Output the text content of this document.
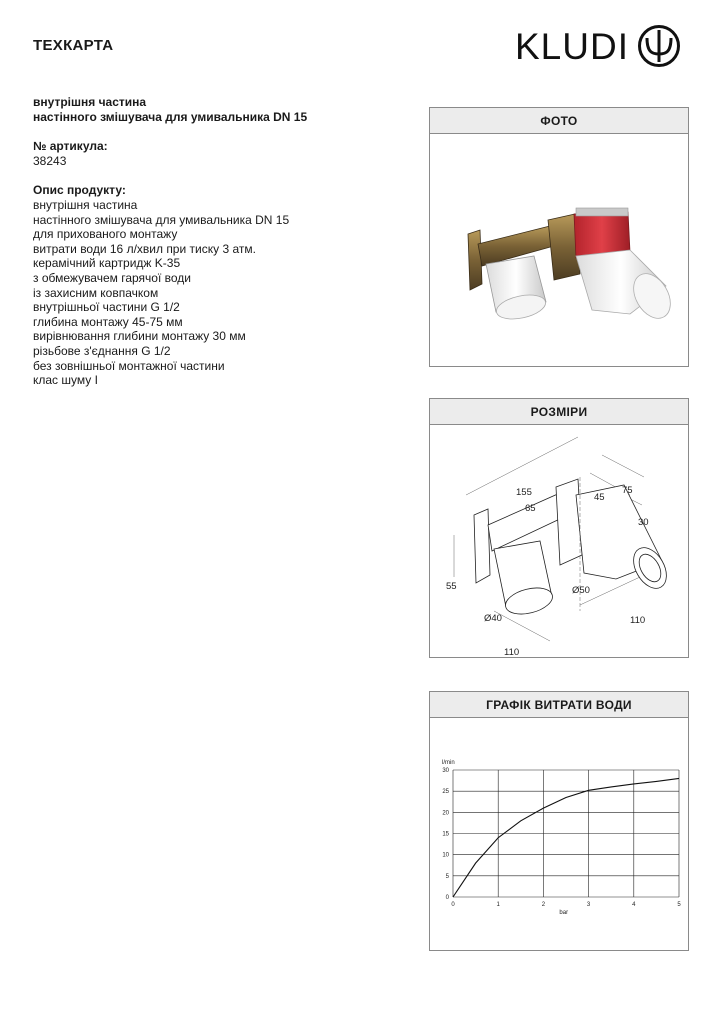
ТЕХКАРТА	KLUDI
внутрішня частина
настінного змішувача для умивальника DN 15
№ артикула:
38243
Опис продукту:
внутрішня частина
настінного змішувача для умивальника DN 15
для прихованого монтажу
витрати води 16 л/хвил при тиску 3 атм.
керамічний картридж K-35
з обмежувачем гарячої води
із захисним ковпачком
внутрішньої частини G 1/2
глибина монтажу 45-75 мм
вирівнювання глибини монтажу 30 мм
різьбове з'єднання G 1/2
без зовнішньої монтажної частини
клас шуму I
ФОТО
РОЗМІРИ
155
65
45
75
30
55	Ø50
Ø40
110
110
ГРАФІК ВИТРАТИ ВОДИ
0
5
10
15
20
25
30
0	1	2	3	4	5
l/min
bar
